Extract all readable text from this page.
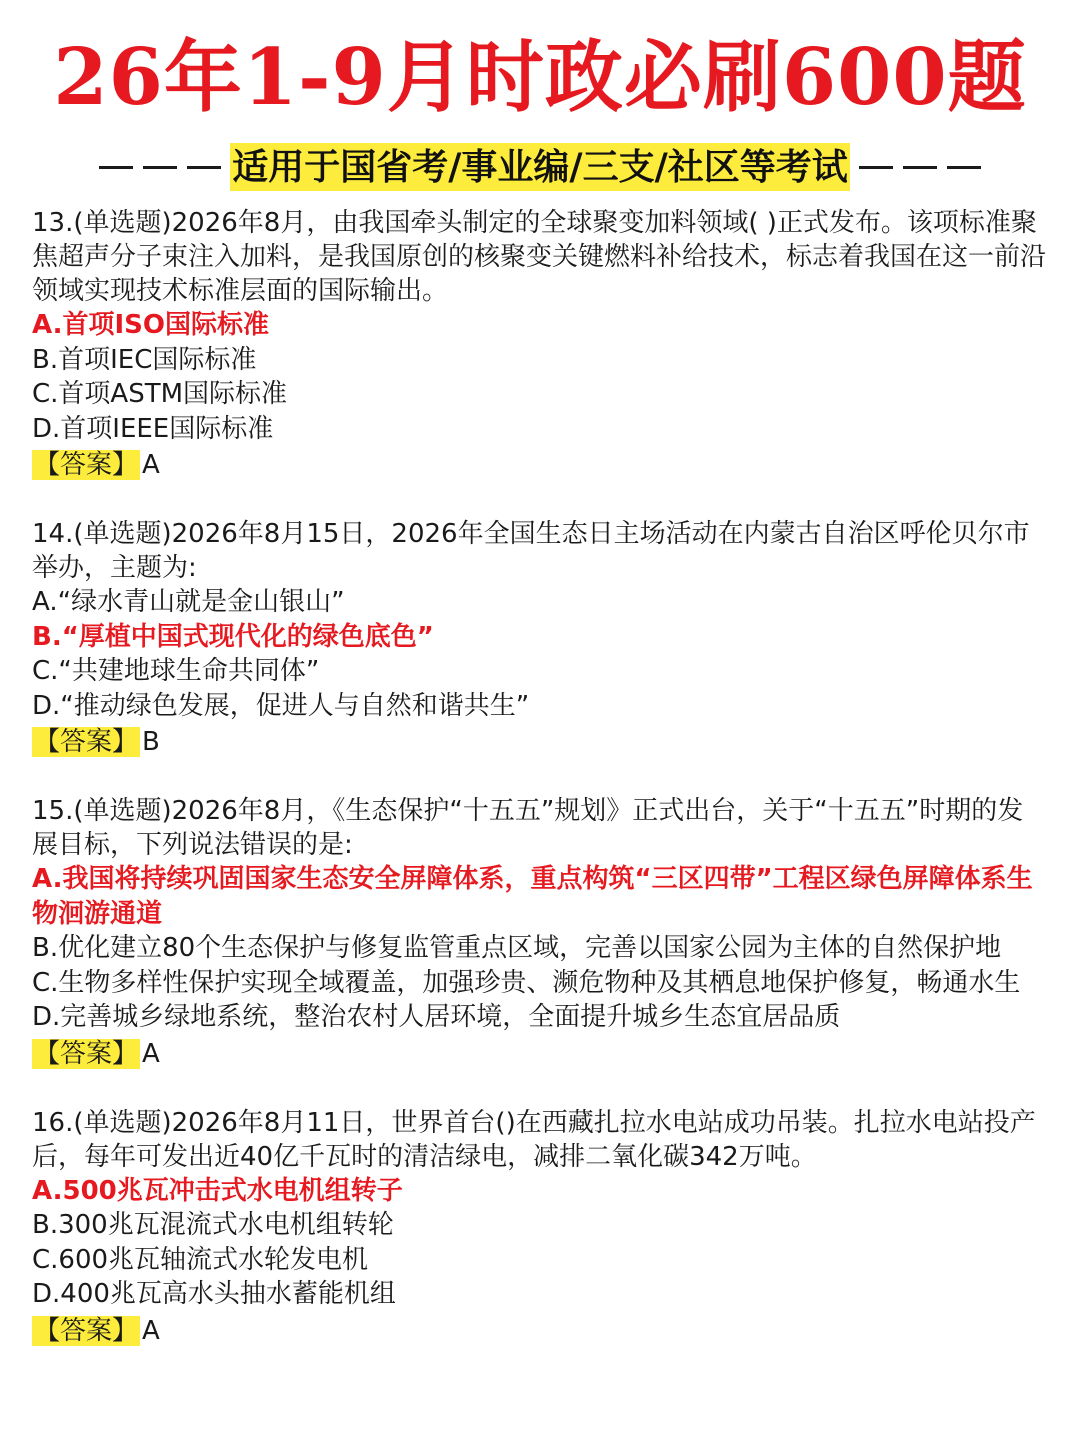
26年1-9月时政必刷600题
适用于国省考/事业编/三支/社区等考试
13.(单选题)2026年8月，由我国牵头制定的全球聚变加料领域( )正式发布。该项标准聚焦超声分子束注入加料，是我国原创的核聚变关键燃料补给技术，标志着我国在这一前沿领域实现技术标准层面的国际输出。
A.首项ISO国际标准
B.首项IEC国际标准
C.首项ASTM国际标准
D.首项IEEE国际标准
【答案】 A
14.(单选题)2026年8月15日，2026年全国生态日主场活动在内蒙古自治区呼伦贝尔市举办，主题为:
A.“绿水青山就是金山银山”
B.“厚植中国式现代化的绿色底色”
C.“共建地球生命共同体”
D.“推动绿色发展，促进人与自然和谐共生”
【答案】 B
15.(单选题)2026年8月，《生态保护“十五五”规划》正式出台，关于“十五五”时期的发展目标，下列说法错误的是:
A.我国将持续巩固国家生态安全屏障体系，重点构筑“三区四带”工程区绿色屏障体系生物洄游通道
B.优化建立80个生态保护与修复监管重点区域，完善以国家公园为主体的自然保护地
C.生物多样性保护实现全域覆盖，加强珍贵、濒危物种及其栖息地保护修复，畅通水生
D.完善城乡绿地系统，整治农村人居环境，全面提升城乡生态宜居品质
【答案】 A
16.(单选题)2026年8月11日，世界首台()在西藏扎拉水电站成功吊装。扎拉水电站投产后，每年可发出近40亿千瓦时的清洁绿电，减排二氧化碳342万吨。
A.500兆瓦冲击式水电机组转子
B.300兆瓦混流式水电机组转轮
C.600兆瓦轴流式水轮发电机
D.400兆瓦高水头抽水蓄能机组
【答案】 A
